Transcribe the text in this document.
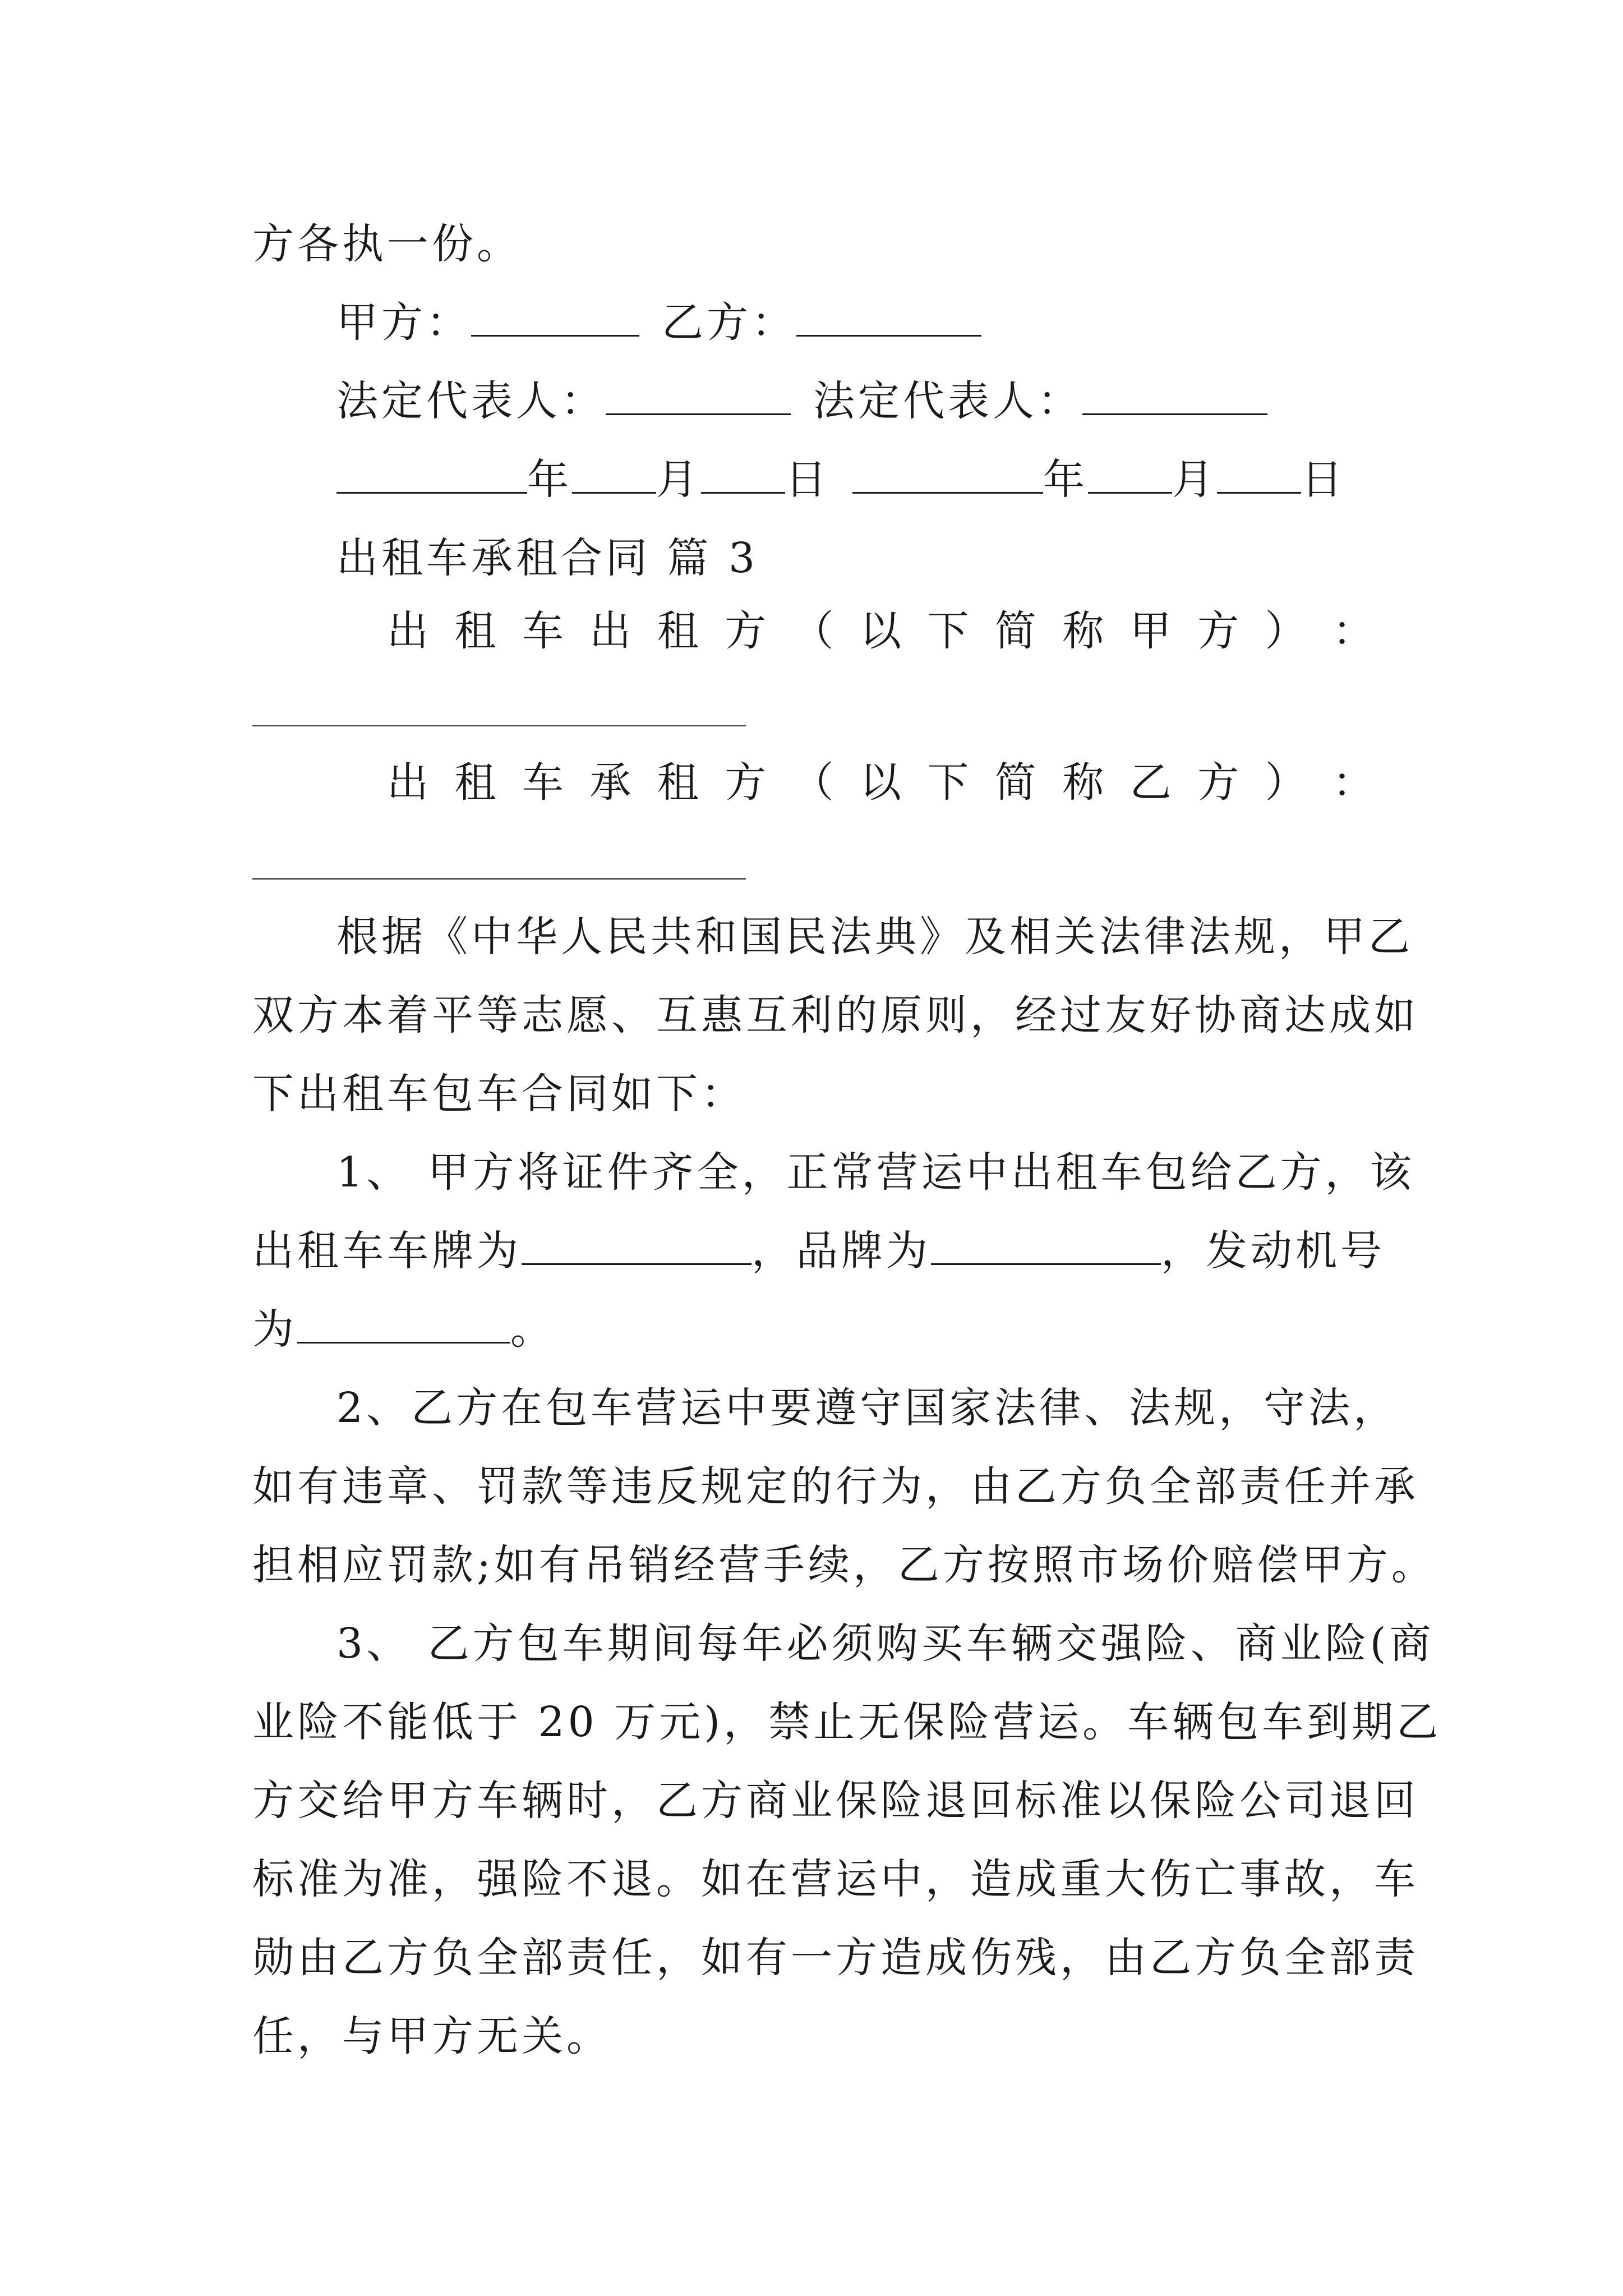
方各执一份。
甲方：	乙方：
法定代表人：	法定代表人：
年 月 日	年 月 日
出租车承租合同 篇 3
出 租 车 出 租 方 （ 以 下 简 称 甲 方 ） ：
出 租 车 承 租 方 （ 以 下 简 称 乙 方 ） ：
根据《中华人民共和国民法典》及相关法律法规，甲乙
双方本着平等志愿、互惠互利的原则，经过友好协商达成如
下出租车包车合同如下：
1、 甲方将证件齐全，正常营运中出租车包给乙方，该
出租车车牌为	，品牌为	，发动机号
为	。
2、乙方在包车营运中要遵守国家法律、法规，守法，
如有违章、罚款等违反规定的行为，由乙方负全部责任并承
担相应罚款;如有吊销经营手续，乙方按照市场价赔偿甲方。
3、 乙方包车期间每年必须购买车辆交强险、商业险(商
业险不能低于 20 万元)，禁止无保险营运。车辆包车到期乙
方交给甲方车辆时，乙方商业保险退回标准以保险公司退回
标准为准，强险不退。如在营运中，造成重大伤亡事故，车
勋由乙方负全部责任，如有一方造成伤残，由乙方负全部责
任，与甲方无关。
